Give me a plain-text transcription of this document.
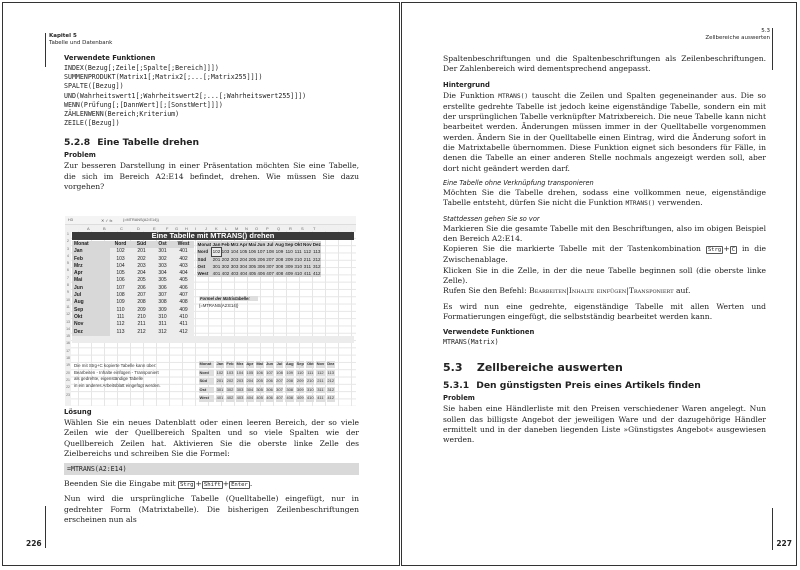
Kapitel 5
Tabelle und Datenbank
Verwendete Funktionen
INDEX(Bezug[;Zeile[;Spalte[;Bereich]]])
SUMMENPRODUKT(Matrix1[;Matrix2[;...[;Matrix255]]])
SPALTE([Bezug])
UND(Wahrheitswert1[;Wahrheitswert2[;...[;Wahrheitswert255]]])
WENN(Prüfung[;[DannWert][;[SonstWert]]])
ZÄHLENWENN(Bereich;Kriterium)
ZEILE([Bezug])
5.2.8 Eine Tabelle drehen
Problem

Zur besseren Darstellung in einer Präsentation möchten Sie eine Tabelle, die sich im Bereich A2:E14 befindet, drehen. Wie müssen Sie dazu vorgehen?

H3	✕ ✓ fx	{=MTRANS(A2:E14)}
A	B	C	D	E	F G H I J K L M N O P Q R S T
1
2
3
4
5
6
7
8
9
10
11
12
13
14
15
16
17
18
19
20
21
22
23
Eine Tabelle mit MTRANS() drehen
Monat	Nord	Süd	Ost	West
Jan	102	201	301	401
Feb	103	202	302	402
Mrz	104	203	303	403
Apr	105	204	304	404
Mai	106	205	305	405
Jun	107	206	306	406
Jul	108	207	307	407
Aug	109	208	308	408
Sep	110	209	309	409
Okt	111	210	310	410
Nov	112	211	311	411
Dez	113	212	312	412
Monat	Jan	Feb	Mrz	Apr	Mai	Jun	Jul	Aug	Sep	Okt	Nov	Dez
Nord	102	103	104	105	106	107	108	109	110	111	112	113
Süd	201	202	203	204	205	206	207	208	209	210	211	212
Ost	301	302	303	304	305	306	307	308	309	310	311	312
West	401	402	403	404	405	406	407	408	409	410	411	412
Formel der Matrixtabelle:
{=MTRANS(A2:E14)}
Die mit Strg+C kopierte Tabelle kann über:
Bearbeiten - Inhalte einfügen - Transponiert
als gedrehte, eigenständige Tabelle
in ein anderes Arbeitsblatt eingefügt werden.
Monat	Jan	Feb	Mrz	Apr	Mai	Jun	Jul	Aug	Sep	Okt	Nov	Dez
Nord	102	103	104	105	106	107	108	109	110	111	112	113
Süd	201	202	203	204	205	206	207	208	209	210	211	212
Ost	301	302	303	304	305	306	307	308	309	310	311	312
West	401	402	403	404	405	406	407	408	409	410	411	412
Lösung

Wählen Sie ein neues Datenblatt oder einen leeren Bereich, der so viele Zeilen wie der Quellbereich Spalten und so viele Spalten wie der Quellbereich Zeilen hat. Aktivieren Sie die oberste linke Zelle des Zielbereichs und schreiben Sie die Formel:

=MTRANS(A2:E14)

Beenden Sie die Eingabe mit Strg + Shift + Enter .

Nun wird die ursprüngliche Tabelle (Quelltabelle) eingefügt, nur in gedrehter Form (Matrixtabelle). Die bisherigen Zeilenbeschriftungen erscheinen nun als

226
5.3
Zellbereiche auswerten

Spaltenbeschriftungen und die Spaltenbeschriftungen als Zeilenbeschriftungen. Der Zahlenbereich wird dementsprechend angepasst.

Hintergrund

Die Funktion MTRANS() tauscht die Zeilen und Spalten gegeneinander aus. Die so erstellte gedrehte Tabelle ist jedoch keine eigenständige Tabelle, sondern ein mit der ursprünglichen Tabelle verknüpfter Matrixbereich. Die neue Tabelle kann nicht bearbeitet werden. Änderungen müssen immer in der Quelltabelle vorgenommen werden. Ändern Sie in der Quelltabelle einen Eintrag, wird die Änderung sofort in die Matrixtabelle übernommen. Diese Funktion eignet sich besonders für Fälle, in denen die Tabelle an einer anderen Stelle nochmals angezeigt werden soll, aber dort nicht geändert werden darf.

Eine Tabelle ohne Verknüpfung transponieren

Möchten Sie die Tabelle drehen, sodass eine vollkommen neue, eigenständige Tabelle entsteht, dürfen Sie nicht die Funktion MTRANS() verwenden.

Stattdessen gehen Sie so vor

Markieren Sie die gesamte Tabelle mit den Beschriftungen, also im obigen Beispiel den Bereich A2:E14.

Kopieren Sie die markierte Tabelle mit der Tastenkombination Strg + C in die Zwischenablage.

Klicken Sie in die Zelle, in der die neue Tabelle beginnen soll (die oberste linke Zelle).

Rufen Sie den Befehl: Bearbeiten|Inhalte einfügen|Transponiert auf.

Es wird nun eine gedrehte, eigenständige Tabelle mit allen Werten und Formatierungen eingefügt, die selbstständig bearbeitet werden kann.

Verwendete Funktionen
MTRANS(Matrix)
5.3 Zellbereiche auswerten
5.3.1 Den günstigsten Preis eines Artikels finden
Problem

Sie haben eine Händlerliste mit den Preisen verschiedener Waren angelegt. Nun sollen das billigste Angebot der jeweiligen Ware und der dazugehörige Händler ermittelt und in der daneben liegenden Liste »Günstigstes Angebot« ausgewiesen werden.

227
